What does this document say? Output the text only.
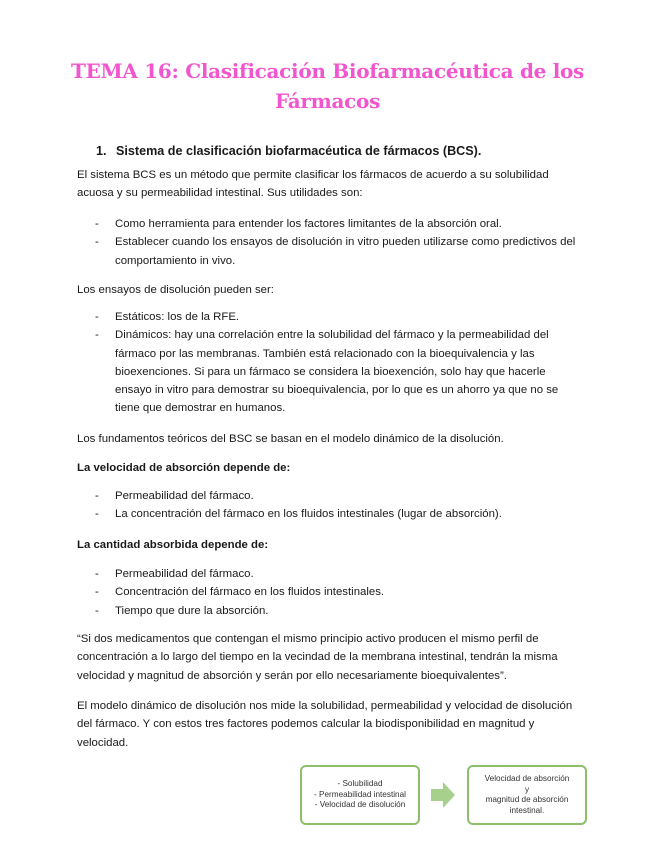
TEMA 16: Clasificación Biofarmacéutica de los
Fármacos
1. Sistema de clasificación biofarmacéutica de fármacos (BCS).

El sistema BCS es un método que permite clasificar los fármacos de acuerdo a su solubilidad acuosa y su permeabilidad intestinal. Sus utilidades son:

- Como herramienta para entender los factores limitantes de la absorción oral.
- Establecer cuando los ensayos de disolución in vitro pueden utilizarse como predictivos del comportamiento in vivo.

Los ensayos de disolución pueden ser:

- Estáticos: los de la RFE.
- Dinámicos: hay una correlación entre la solubilidad del fármaco y la permeabilidad del fármaco por las membranas. También está relacionado con la bioequivalencia y las bioexenciones. Si para un fármaco se considera la bioexención, solo hay que hacerle ensayo in vitro para demostrar su bioequivalencia, por lo que es un ahorro ya que no se tiene que demostrar en humanos.

Los fundamentos teóricos del BSC se basan en el modelo dinámico de la disolución.

La velocidad de absorción depende de:

- Permeabilidad del fármaco.
- La concentración del fármaco en los fluidos intestinales (lugar de absorción).

La cantidad absorbida depende de:

- Permeabilidad del fármaco.
- Concentración del fármaco en los fluidos intestinales.
- Tiempo que dure la absorción.

“Si dos medicamentos que contengan el mismo principio activo producen el mismo perfil de concentración a lo largo del tiempo en la vecindad de la membrana intestinal, tendrán la misma velocidad y magnitud de absorción y serán por ello necesariamente bioequivalentes”.

El modelo dinámico de disolución nos mide la solubilidad, permeabilidad y velocidad de disolución del fármaco. Y con estos tres factores podemos calcular la biodisponibilidad en magnitud y velocidad.

- Solubilidad
- Permeabilidad intestinal
- Velocidad de disolución
Velocidad de absorción
y
magnitud de absorción
intestinal.
